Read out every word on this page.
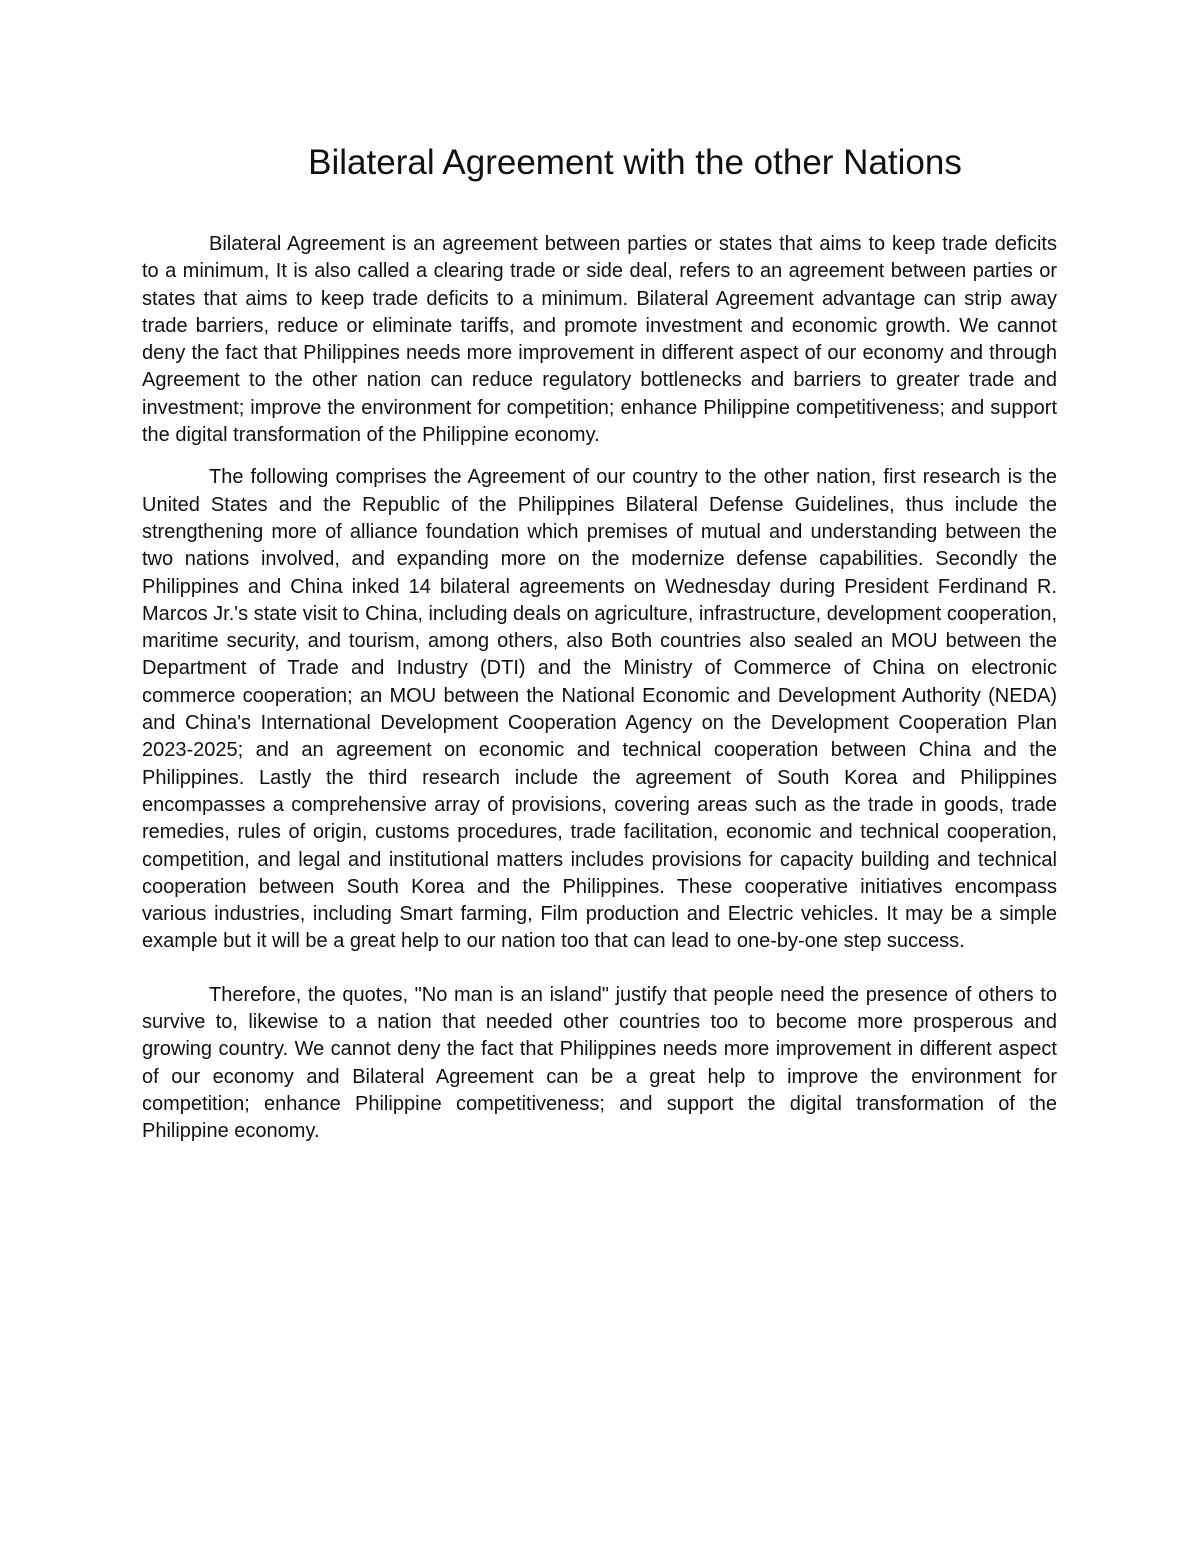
Bilateral Agreement with the other Nations

Bilateral Agreement is an agreement between parties or states that aims to keep trade deficits to a minimum, It is also called a clearing trade or side deal, refers to an agreement between parties or states that aims to keep trade deficits to a minimum. Bilateral Agreement advantage can strip away trade barriers, reduce or eliminate tariffs, and promote investment and economic growth. We cannot deny the fact that Philippines needs more improvement in different aspect of our economy and through Agreement to the other nation can reduce regulatory bottlenecks and barriers to greater trade and investment; improve the environment for competition; enhance Philippine competitiveness; and support the digital transformation of the Philippine economy.

The following comprises the Agreement of our country to the other nation, first research is the United States and the Republic of the Philippines Bilateral Defense Guidelines, thus include the strengthening more of alliance foundation which premises of mutual and understanding between the two nations involved, and expanding more on the modernize defense capabilities. Secondly the Philippines and China inked 14 bilateral agreements on Wednesday during President Ferdinand R. Marcos Jr.'s state visit to China, including deals on agriculture, infrastructure, development cooperation, maritime security, and tourism, among others, also Both countries also sealed an MOU between the Department of Trade and Industry (DTI) and the Ministry of Commerce of China on electronic commerce cooperation; an MOU between the National Economic and Development Authority (NEDA) and China's International Development Cooperation Agency on the Development Cooperation Plan 2023-2025; and an agreement on economic and technical cooperation between China and the Philippines. Lastly the third research include the agreement of South Korea and Philippines encompasses a comprehensive array of provisions, covering areas such as the trade in goods, trade remedies, rules of origin, customs procedures, trade facilitation, economic and technical cooperation, competition, and legal and institutional matters includes provisions for capacity building and technical cooperation between South Korea and the Philippines. These cooperative initiatives encompass various industries, including Smart farming, Film production and Electric vehicles. It may be a simple example but it will be a great help to our nation too that can lead to one-by-one step success.

Therefore, the quotes, "No man is an island" justify that people need the presence of others to survive to, likewise to a nation that needed other countries too to become more prosperous and growing country. We cannot deny the fact that Philippines needs more improvement in different aspect of our economy and Bilateral Agreement can be a great help to improve the environment for competition; enhance Philippine competitiveness; and support the digital transformation of the Philippine economy.
